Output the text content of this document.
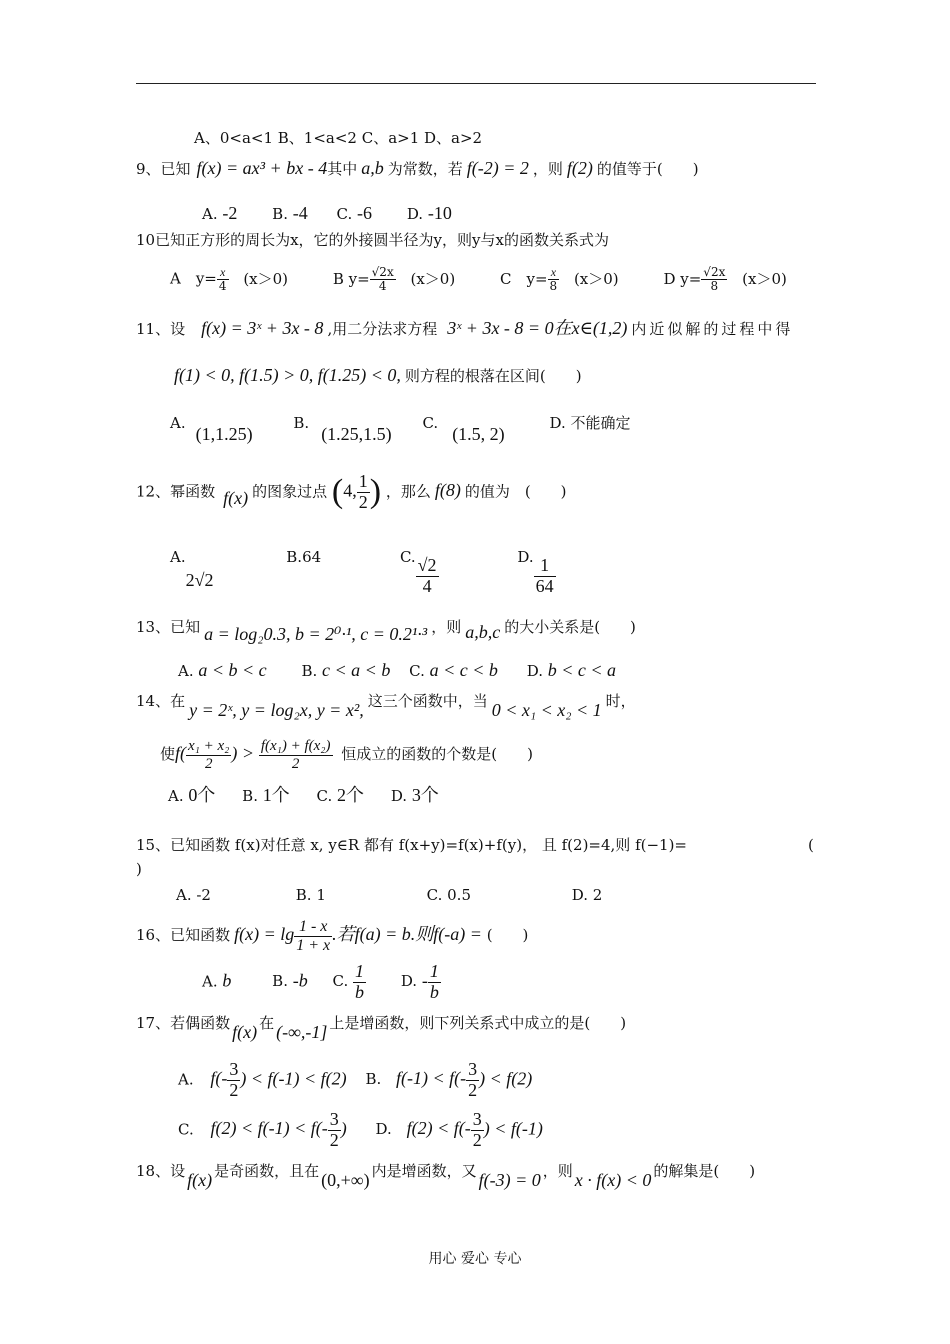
A、0<a<1 B、1<a<2 C、a>1 D、a>2
9、已知 f(x) = ax³ + bx - 4其中 a,b 为常数，若 f(-2) = 2 ，则 f(2) 的值等于(　　)
A. -2 B. -4 C. -6 D. -10
10已知正方形的周长为x，它的外接圆半径为y，则y与x的函数关系式为
A　$y= \frac{x}{4} (x>0)$	B $y= \frac{√2x}{4} (x>0)$	C　$y= \frac{x}{8} (x>0)$	D $y= \frac{√2x}{8} (x>0)$
11、设 f(x) = 3ˣ + 3x - 8 ,用二分法求方程 3ˣ + 3x - 8 = 0在x∈(1,2) 内近似解的过程中得
f(1) < 0, f(1.5) > 0, f(1.25) < 0, 则方程的根落在区间(　　)
A.(1,1.25) B.(1.25,1.5) C.(1.5, 2) D. 不能确定
12、幂函数 f(x) 的图象过点 (4, $\frac{1}{2}$ ) ，那么 f(8) 的值为　(　　)
A.2√2 B.64	C. $\frac{√2}{4}$	D. $\frac{1}{64}$
13、已知 a = log₂0.3, b = 2⁰·¹, c = 0.2¹·³ ，则 a,b,c 的大小关系是(　　)
A. a < b < c B. c < a < b C. a < c < b D. b < c < a
14、在 y = 2ˣ, y = log₂x, y = x², 这三个函数中，当 0 < x₁ < x₂ < 1 时，
使$f( \frac{\text{x₁ + x₂}}{2}$ ) > $\frac{\text{f(x₁) + f(x₂)}}{2}$ 恒成立的函数的个数是(　　)
A. 0个 B. 1个 C. 2个 D. 3个
15、已知函数 f(x)对任意 x, y∈R 都有 f(x+y)=f(x)+f(y)， 且 f(2)=4,则 f(−1)=	(
)
A. -2	B. 1	C. 0.5	D. 2
16、已知函数 $f(x) = \lg \frac{1 - x}{1 + x}$ .若f(a) = b.则f(-a) = (　　)
A. b	B. -b C. $\frac{1}{b} D$. - $\frac{1}{b}$
17、若偶函数 f(x) 在 (-∞,-1] 上是增函数，则下列关系式中成立的是(　　)
A. $f(- \frac{3}{2}$ ) < f(-1) < f(2) B. $f(-1) < f(- \frac{3}{2}$ ) < f(2)
C. $f(2) < f(-1) < f(- \frac{3}{2}$ ) D. $f(2) < f(- \frac{3}{2}$ ) < f(-1)
18、设 f(x) 是奇函数，且在 (0,+∞) 内是增函数，又 f(-3) = 0 ，则 x · f(x) < 0 的解集是(　　)
用心 爱心 专心
